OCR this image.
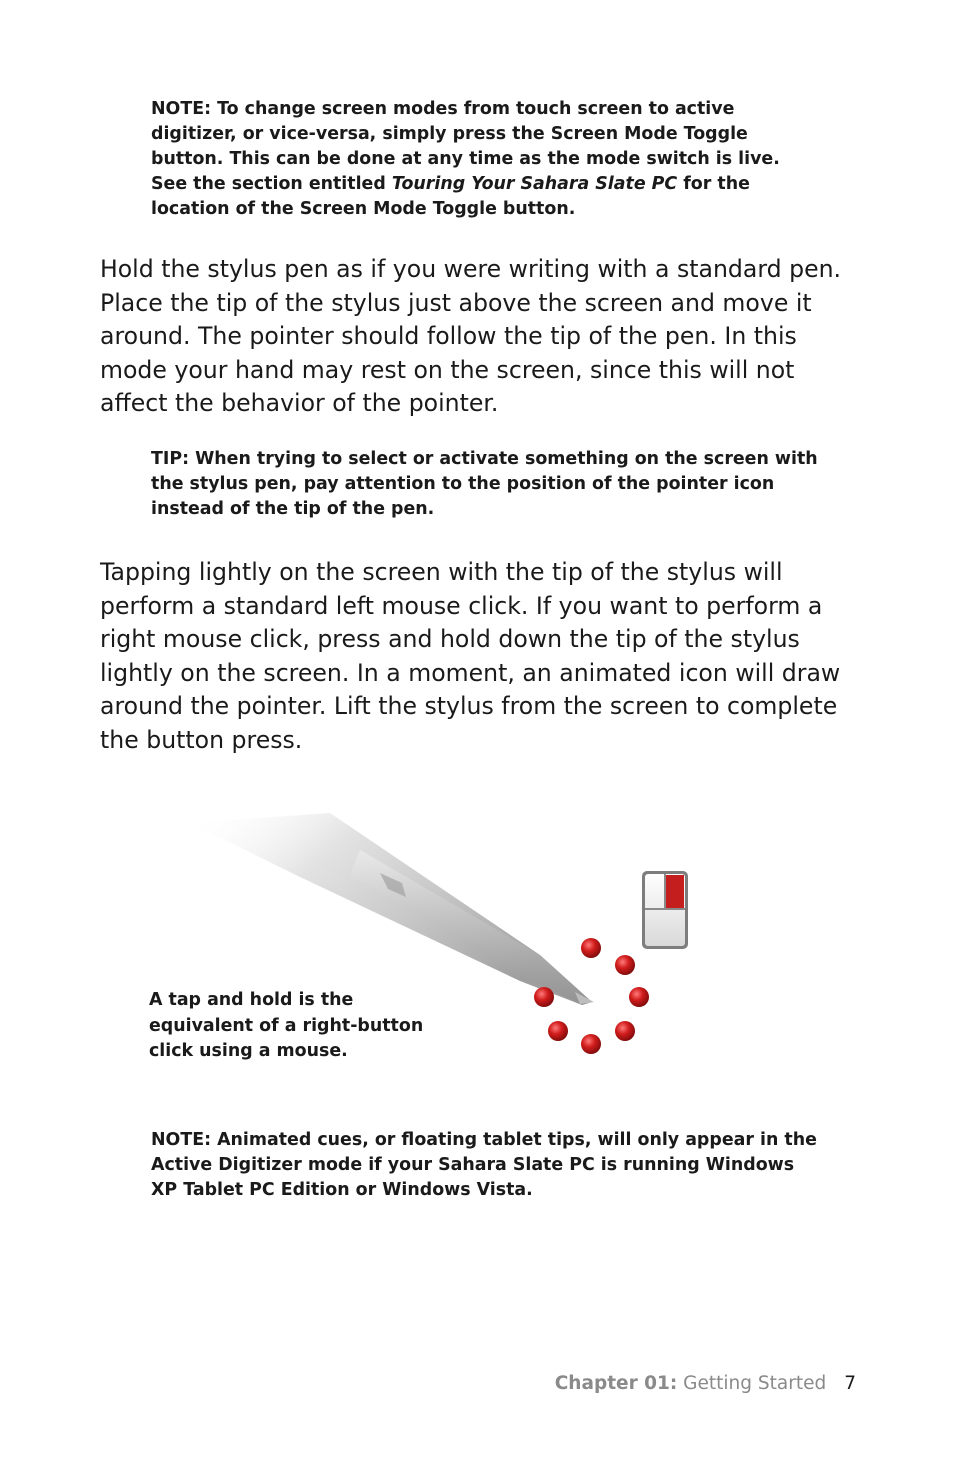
NOTE: To change screen modes from touch screen to active digitizer, or vice-versa, simply press the Screen Mode Toggle button. This can be done at any time as the mode switch is live. See the section entitled Touring Your Sahara Slate PC for the location of the Screen Mode Toggle button.

Hold the stylus pen as if you were writing with a standard pen. Place the tip of the stylus just above the screen and move it around. The pointer should follow the tip of the pen. In this mode your hand may rest on the screen, since this will not affect the behavior of the pointer.

TIP: When trying to select or activate something on the screen with the stylus pen, pay attention to the position of the pointer icon instead of the tip of the pen.

Tapping lightly on the screen with the tip of the stylus will perform a standard left mouse click. If you want to perform a right mouse click, press and hold down the tip of the stylus lightly on the screen. In a moment, an animated icon will draw around the pointer. Lift the stylus from the screen to complete the button press.

A tap and hold is the equivalent of a right-button click using a mouse.

NOTE: Animated cues, or floating tablet tips, will only appear in the Active Digitizer mode if your Sahara Slate PC is running Windows XP Tablet PC Edition or Windows Vista.

Chapter 01: Getting Started 7
